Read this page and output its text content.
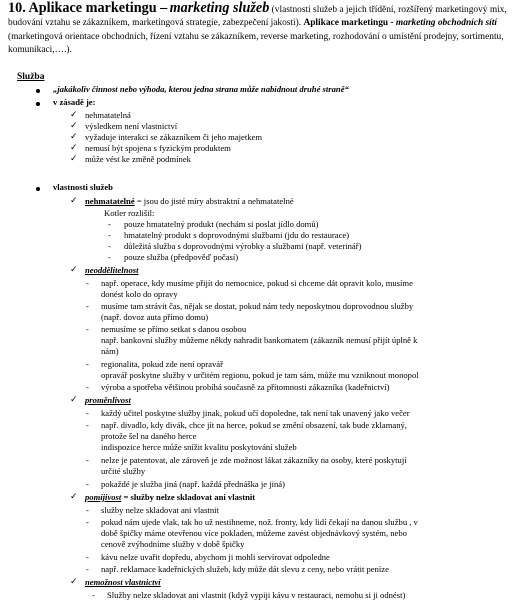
10. Aplikace marketingu – marketing služeb (vlastnosti služeb a jejich třídění, rozšířený marketingový mix, budování vztahu se zákazníkem, marketingová strategie, zabezpečení jakosti). Aplikace marketingu - marketing obchodních sítí (marketingová orientace obchodních, řízení vztahu se zákazníkem, reverse marketing, rozhodování o umístění prodejny, sortimentu, komunikaci,….).
Služba
„jakákoliv činnost nebo výhoda, kterou jedna strana může nabídnout druhé straně“
v zásadě je:
✓ nehmatatelná
✓ výsledkem není vlastnictví
✓ vyžaduje interakci se zákazníkem či jeho majetkem
✓ nemusí být spojena s fyzickým produktem
✓ může vést ke změně podmínek
vlastnosti služeb
✓ nehmatatelné = jsou do jisté míry abstraktní a nehmatatelné
Kotler rozlišil:
- pouze hmatatelný produkt (nechám si poslat jídlo domů)
- hmatatelný produkt s doprovodnými službami (jdu do restaurace)
- důležitá služba s doprovodnými výrobky a službami (např. veterinář)
- pouze služba (předpověď počasí)
✓ neoddělitelnost
- např. operace, kdy musíme přijít do nemocnice, pokud si chceme dát opravit kolo, musíme
donést kolo do opravy
- musíme tam strávit čas, nějak se dostat, pokud nám tedy neposkytnou doprovodnou služby
(např. dovoz auta přímo domu)
- nemusíme se přímo setkat s danou osobou
např. bankovní služby můžeme někdy nahradit bankomatem (zákazník nemusí přijít úplně k
nám)
- regionalita, pokud zde není opravář
opravář poskytne služby v určitém regionu, pokud je tam sám, může mu vzniknout monopol
- výroba a spotřeba většinou probíhá současně za přítomnosti zákazníka (kadeřnictví)
✓ proměnlivost
- každý učitel poskytne služby jinak, pokud učí dopoledne, tak není tak unavený jako večer
- např. divadlo, kdy divák, chce jít na herce, pokud se změní obsazení, tak bude zklamaný,
protože šel na daného herce
indispozice herce může snížit kvalitu poskytování služeb
- nelze je patentovat, ale zároveň je zde možnost lákat zákazníky na osoby, které poskytují
určité služby
- pokaždé je služba jiná (např. každá přednáška je jiná)
✓ pomíjivost = služby nelze skladovat ani vlastnit
- služby nelze skladovat ani vlastnit
- pokud nám ujede vlak, tak ho už nestihneme, nož. fronty, kdy lidí čekají na danou službu , v
době špičky máme otevřenou více pokladen, můžeme zavést objednávkový systém, nebo
cenově zvýhodníme služby v době špičky
- kávu nelze uvařit dopředu, abychom ji mohli servírovat odpoledne
- např. reklamace kadeřnických služeb, kdy může dát slevu z ceny, nebo vrátit peníze
✓ nemožnost vlastnictví
- Služby nelze skladovat ani vlastnit (když vypiji kávu v restauraci, nemohu si ji odnést)
